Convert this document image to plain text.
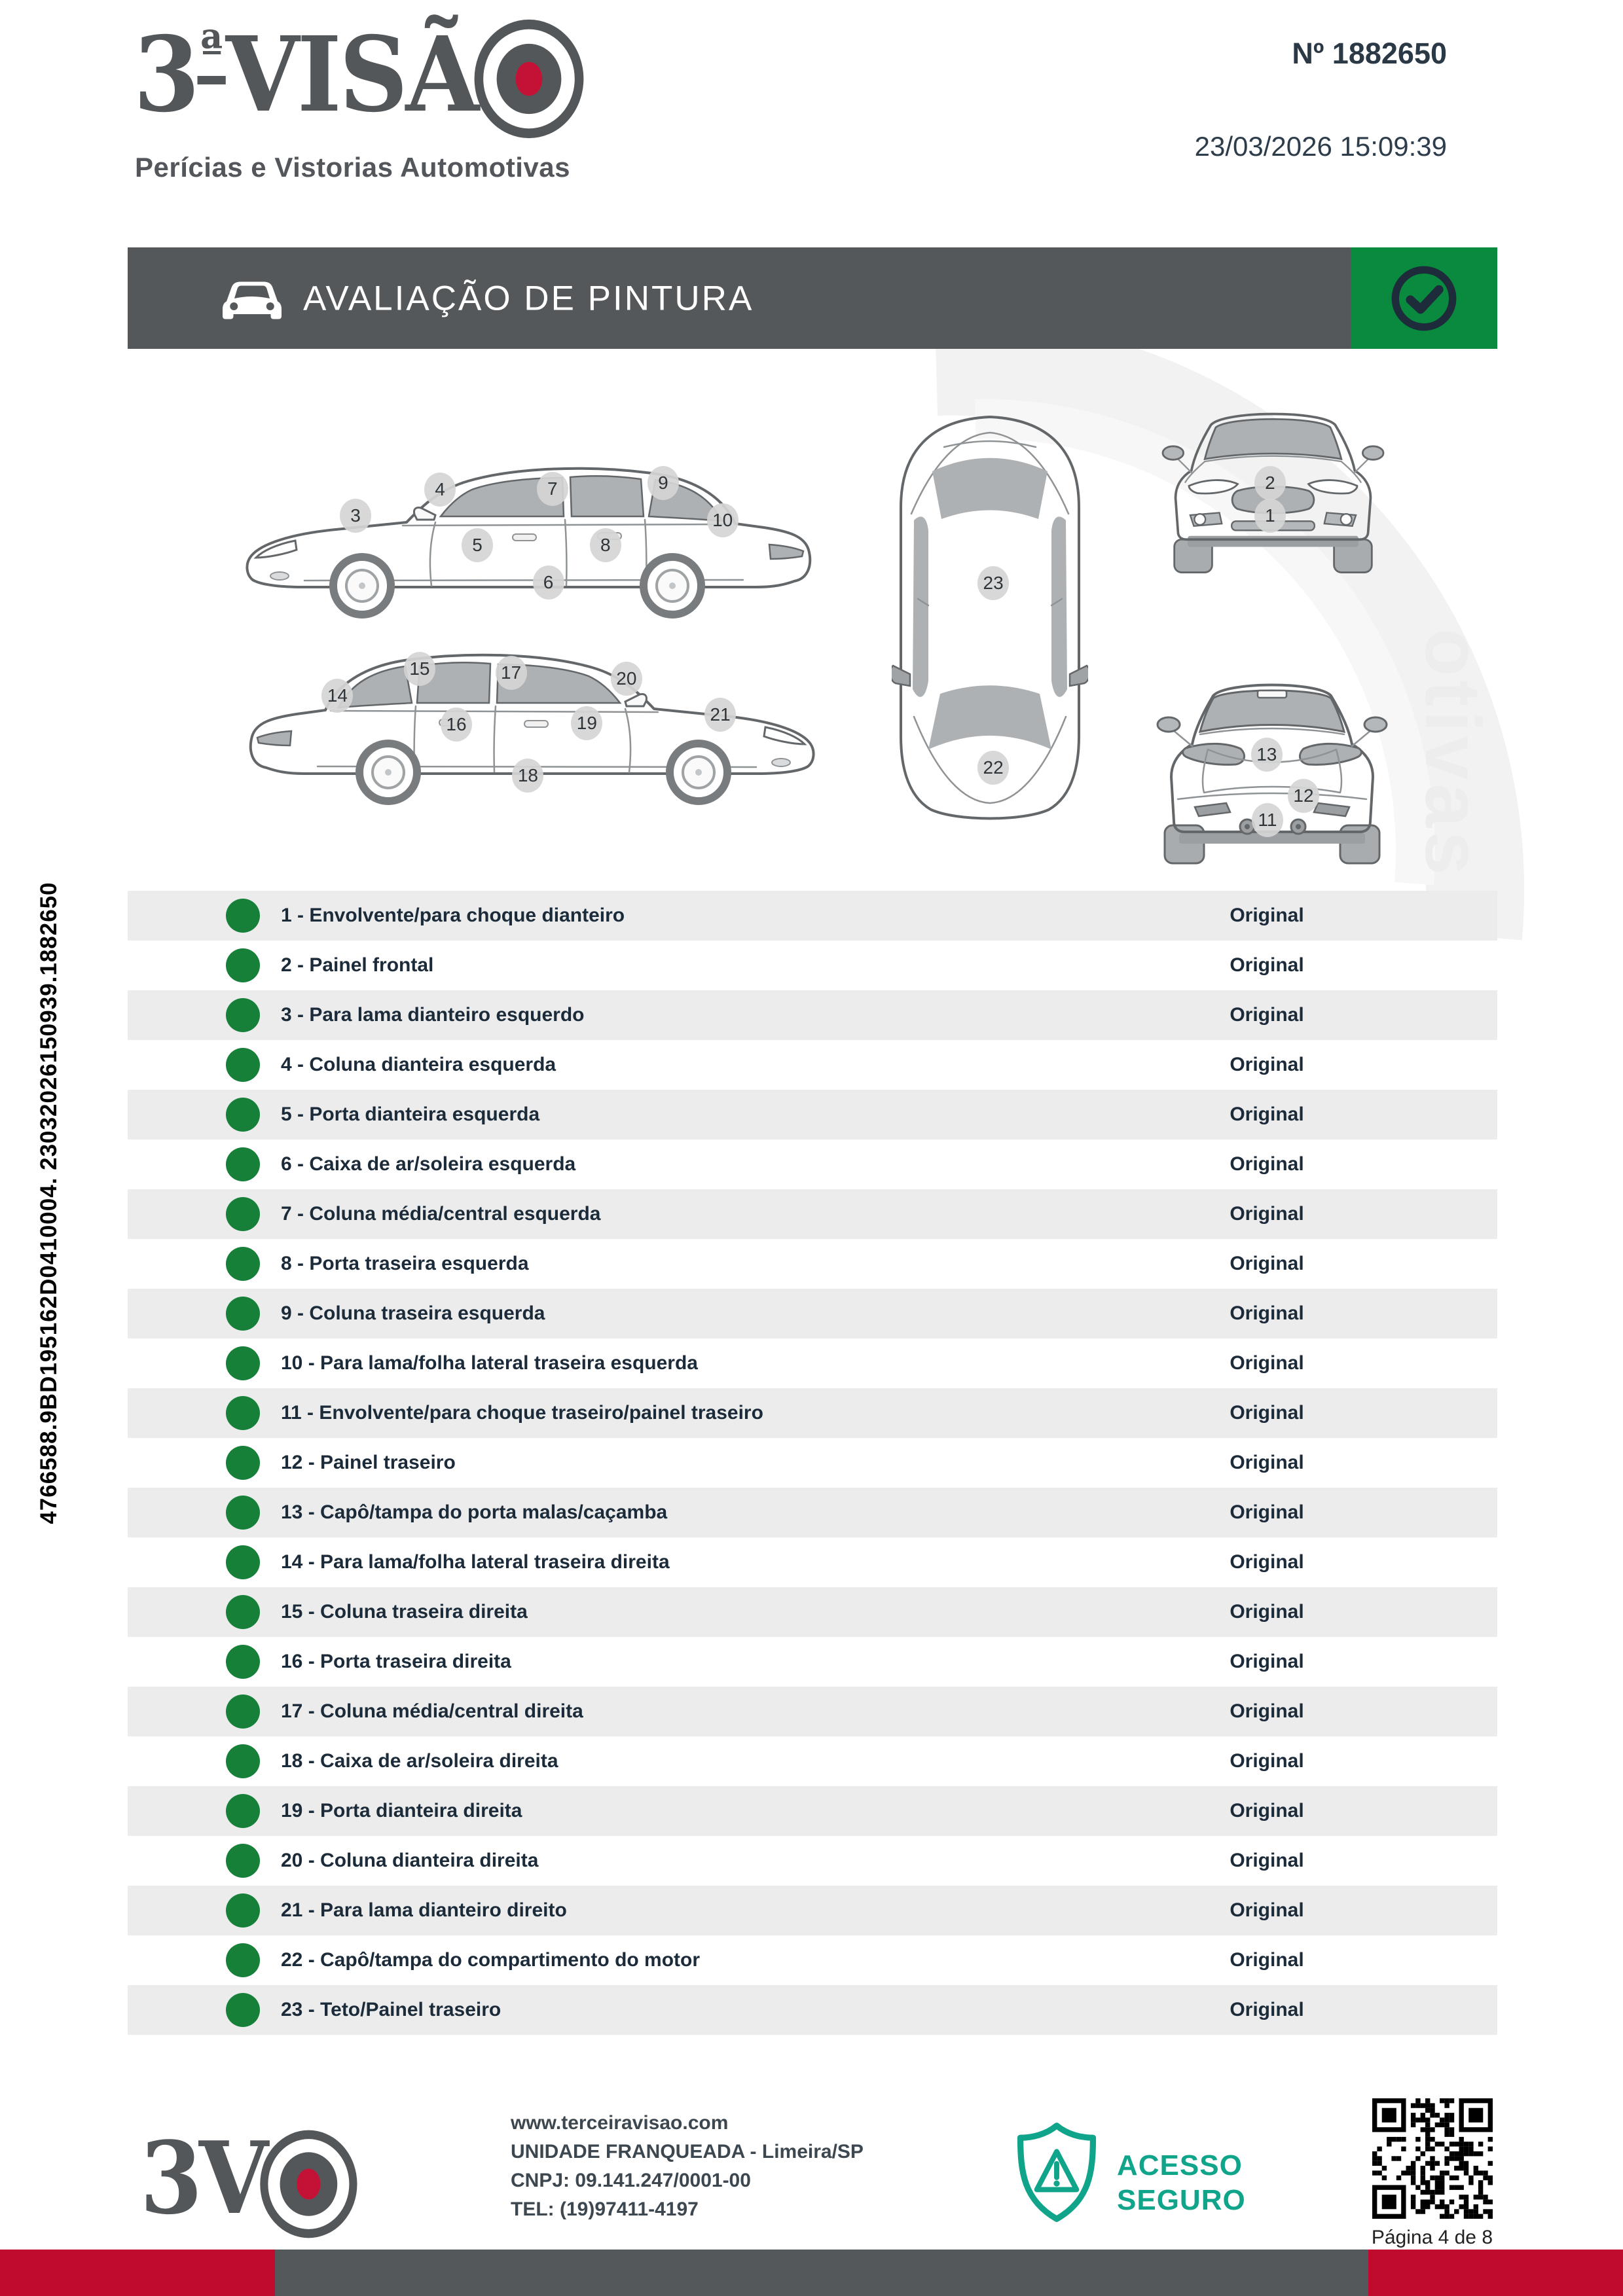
otivas
3ªVISÃ
Perícias e Vistorias Automotivas
Nº 1882650
23/03/2026 15:09:39
AVALIAÇÃO DE PINTURA
3
4	7	9
10
5	8
6
14
15	17	20
16	19	21
18
23
22
2
1
13
12
11
1 - Envolvente/para choque dianteiro	Original
2 - Painel frontal	Original
3 - Para lama dianteiro esquerdo	Original
4 - Coluna dianteira esquerda	Original
5 - Porta dianteira esquerda	Original
6 - Caixa de ar/soleira esquerda	Original
7 - Coluna média/central esquerda	Original
8 - Porta traseira esquerda	Original
9 - Coluna traseira esquerda	Original
10 - Para lama/folha lateral traseira esquerda	Original
11 - Envolvente/para choque traseiro/painel traseiro	Original
12 - Painel traseiro	Original
13 - Capô/tampa do porta malas/caçamba	Original
14 - Para lama/folha lateral traseira direita	Original
15 - Coluna traseira direita	Original
16 - Porta traseira direita	Original
17 - Coluna média/central direita	Original
18 - Caixa de ar/soleira direita	Original
19 - Porta dianteira direita	Original
20 - Coluna dianteira direita	Original
21 - Para lama dianteiro direito	Original
22 - Capô/tampa do compartimento do motor	Original
23 - Teto/Painel traseiro	Original
4766588.9BD195162D0410004. 23032026150939.1882650
3V	www.terceiravisao.com
UNIDADE FRANQUEADA - Limeira/SP
CNPJ: 09.141.247/0001-00
TEL: (19)97411-4197
ACESSO
SEGURO
Página 4 de 8
